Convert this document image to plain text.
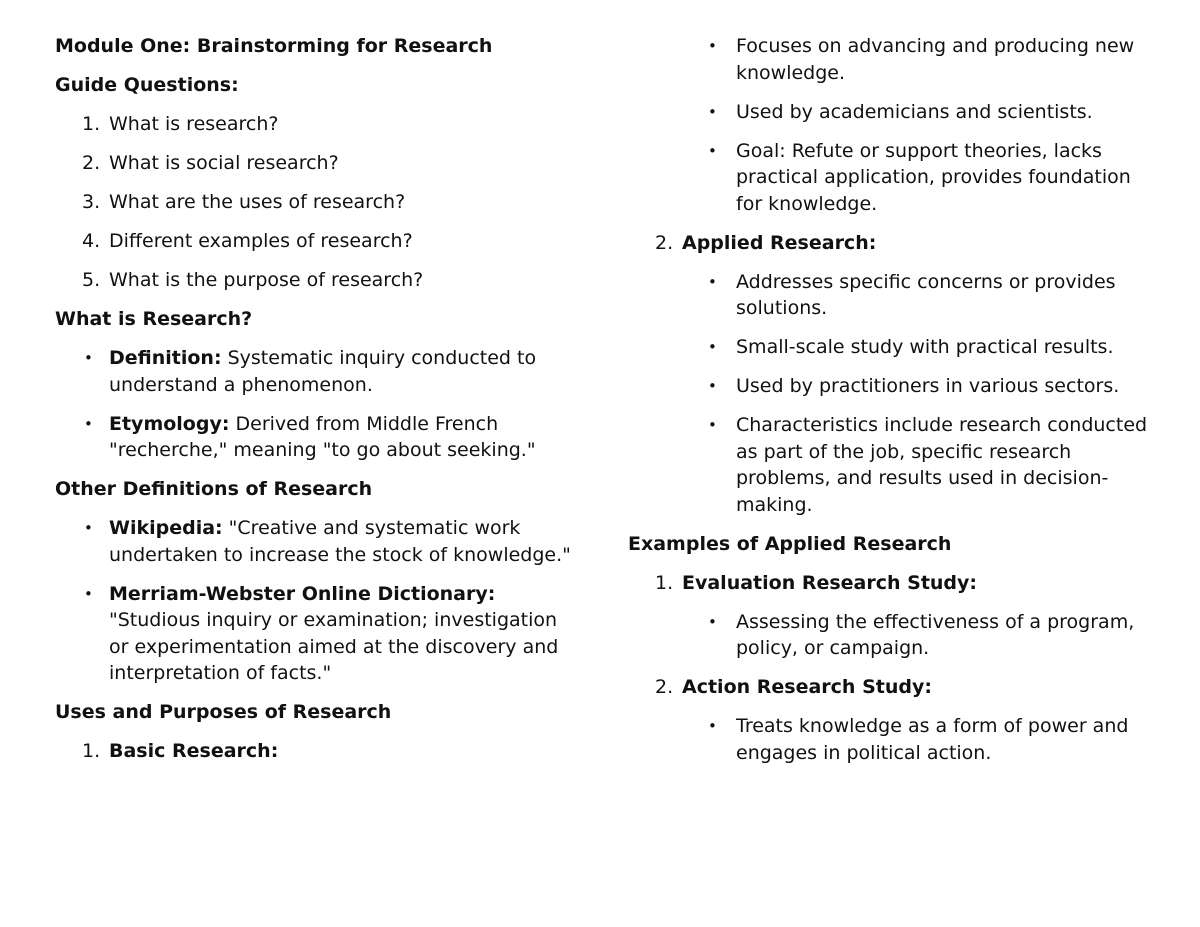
Module One: Brainstorming for Research
Guide Questions:
1. What is research?
2. What is social research?
3. What are the uses of research?
4. Different examples of research?
5. What is the purpose of research?
What is Research?
• Definition: Systematic inquiry conducted to understand a phenomenon.
• Etymology: Derived from Middle French "recherche," meaning "to go about seeking."
Other Definitions of Research
• Wikipedia: "Creative and systematic work undertaken to increase the stock of knowledge."
• Merriam-Webster Online Dictionary: "Studious inquiry or examination; investigation or experimentation aimed at the discovery and interpretation of facts."
Uses and Purposes of Research
1. Basic Research:
• Focuses on advancing and producing new knowledge.
• Used by academicians and scientists.
• Goal: Refute or support theories, lacks practical application, provides foundation for knowledge.
2. Applied Research:
• Addresses specific concerns or provides solutions.
• Small-scale study with practical results.
• Used by practitioners in various sectors.
• Characteristics include research conducted as part of the job, specific research problems, and results used in decision-making.
Examples of Applied Research
1. Evaluation Research Study:
• Assessing the effectiveness of a program, policy, or campaign.
2. Action Research Study:
• Treats knowledge as a form of power and engages in political action.
